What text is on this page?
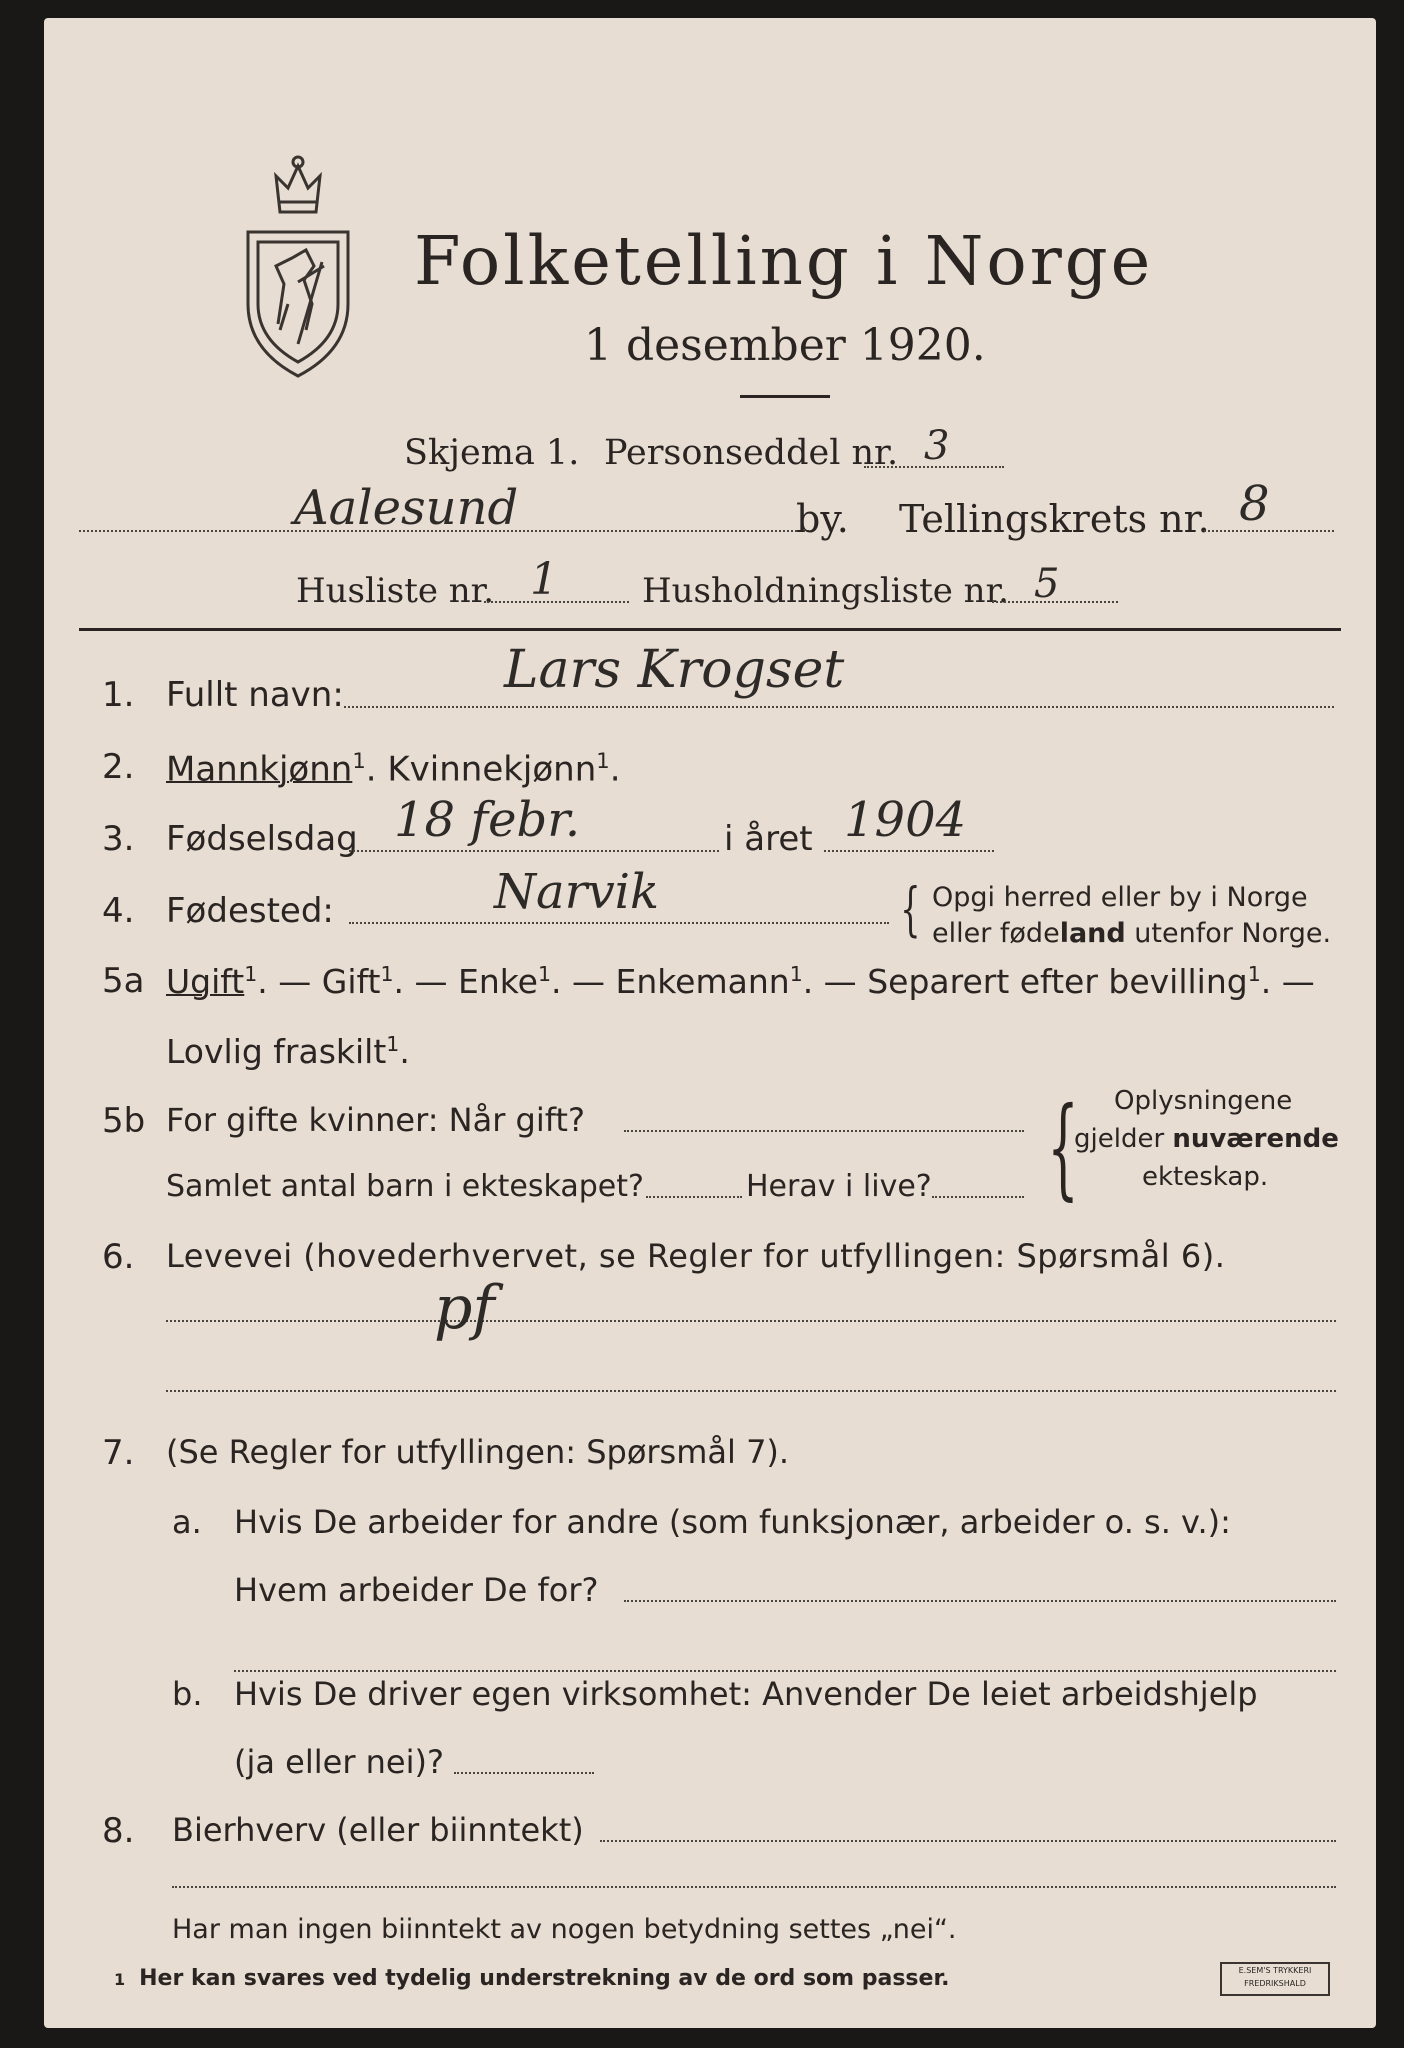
Folketelling i Norge
1 desember 1920.
Skjema 1. Personseddel nr. 3
Aalesund	by. Tellingskrets nr. 8
Husliste nr. 1 Husholdningsliste nr. 5
1. Fullt navn:	Lars Krogset
2. Mannkjønn$^1$. Kvinnekjønn$^1$.
3. Fødselsdag 18 febr.	i året 1904
4. Fødested:	Narvik	{ Opgi herred eller by i Norge
eller fødeland utenfor Norge.
5a Ugift$^1$. — Gift$^1$. — Enke$^1$. — Enkemann$^1$. — Separert efter bevilling$^1$. —
Lovlig fraskilt$^1$.
5b For gifte kvinner: Når gift?
Samlet antal barn i ekteskapet?	Herav i live? { Oplysningene
gjelder nuværende
ekteskap.
6. Levevei (hovederhvervet, se Regler for utfyllingen: Spørsmål 6).
pf
7. (Se Regler for utfyllingen: Spørsmål 7).
a. Hvis De arbeider for andre (som funksjonær, arbeider o. s. v.):
Hvem arbeider De for?
b. Hvis De driver egen virksomhet: Anvender De leiet arbeidshjelp
(ja eller nei)?
8. Bierhverv (eller biinntekt)
Har man ingen biinntekt av nogen betydning settes „nei“.
1 Her kan svares ved tydelig understrekning av de ord som passer.	E.SEM'S TRYKKERI
FREDRIKSHALD
